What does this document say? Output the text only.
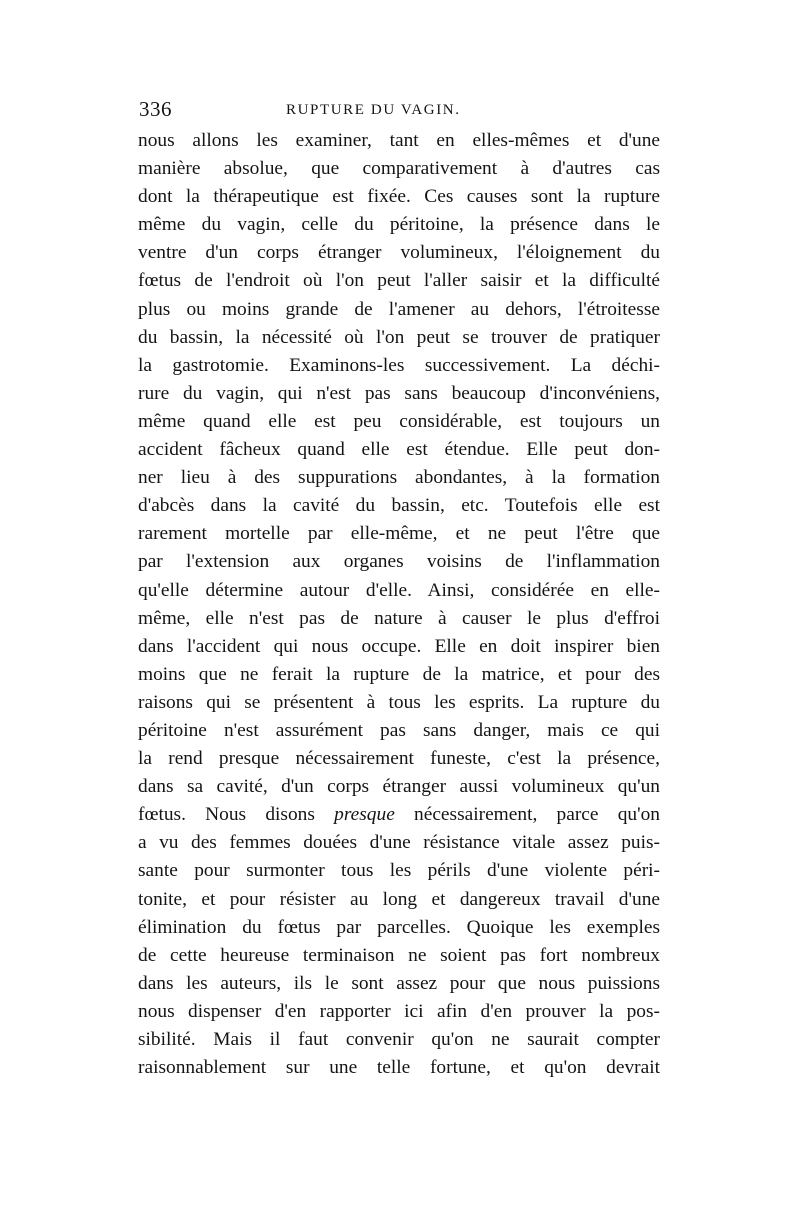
336	RUPTURE DU VAGIN.
nous allons les examiner, tant en elles-mêmes et d'une
manière absolue, que comparativement à d'autres cas
dont la thérapeutique est fixée. Ces causes sont la rupture
même du vagin, celle du péritoine, la présence dans le
ventre d'un corps étranger volumineux, l'éloignement du
fœtus de l'endroit où l'on peut l'aller saisir et la difficulté
plus ou moins grande de l'amener au dehors, l'étroitesse
du bassin, la nécessité où l'on peut se trouver de pratiquer
la gastrotomie. Examinons-les successivement. La déchi-
rure du vagin, qui n'est pas sans beaucoup d'inconvéniens,
même quand elle est peu considérable, est toujours un
accident fâcheux quand elle est étendue. Elle peut don-
ner lieu à des suppurations abondantes, à la formation
d'abcès dans la cavité du bassin, etc. Toutefois elle est
rarement mortelle par elle-même, et ne peut l'être que
par l'extension aux organes voisins de l'inflammation
qu'elle détermine autour d'elle. Ainsi, considérée en elle-
même, elle n'est pas de nature à causer le plus d'effroi
dans l'accident qui nous occupe. Elle en doit inspirer bien
moins que ne ferait la rupture de la matrice, et pour des
raisons qui se présentent à tous les esprits. La rupture du
péritoine n'est assurément pas sans danger, mais ce qui
la rend presque nécessairement funeste, c'est la présence,
dans sa cavité, d'un corps étranger aussi volumineux qu'un
fœtus. Nous disons presque nécessairement, parce qu'on
a vu des femmes douées d'une résistance vitale assez puis-
sante pour surmonter tous les périls d'une violente péri-
tonite, et pour résister au long et dangereux travail d'une
élimination du fœtus par parcelles. Quoique les exemples
de cette heureuse terminaison ne soient pas fort nombreux
dans les auteurs, ils le sont assez pour que nous puissions
nous dispenser d'en rapporter ici afin d'en prouver la pos-
sibilité. Mais il faut convenir qu'on ne saurait compter
raisonnablement sur une telle fortune, et qu'on devrait
